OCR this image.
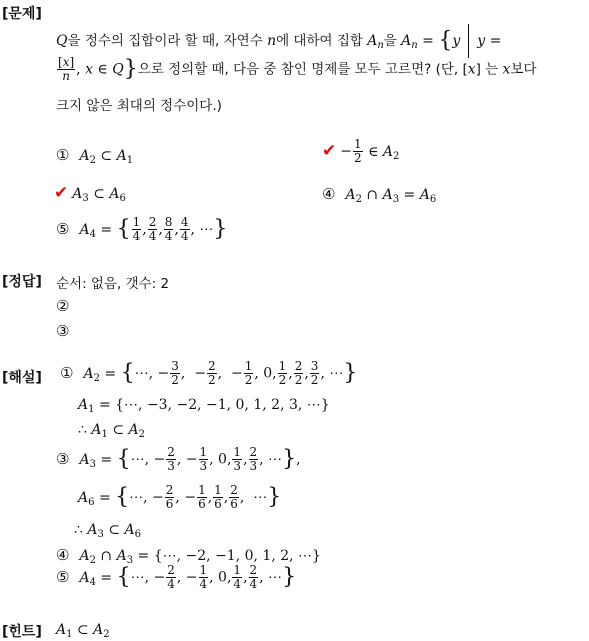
[문제]
Q을 정수의 집합이라 할 때, 자연수 n에 대하여 집합 $A_n$을 $A_n = \{y$ y =
$\frac{[x]}{n}$ , x ∈ Q}으로 정의할 때, 다음 중 참인 명제를 모두 고르면? (단, [x] 는 x보다
크지 않은 최대의 정수이다.)
① $A_2$ ⊂ $A_1$	✔ − $\frac{1}{2}$ ∈ $A_2$
✔ $A_3$ ⊂ $A_6$	④ $A_2$ ∩ $A_3 = A_6$
⑤ $A_4$ = { $\frac{1}{4}$ , $\frac{2}{4}$ , $\frac{8}{4}$ , $\frac{4}{4}$ , ⋯}
[정답] 순서: 없음, 갯수: 2
②
③
[해설] ① $A_2$ = {⋯, − $\frac{3}{2}$ ,  − $\frac{2}{2}$ ,  − $\frac{1}{2}$ , 0, $\frac{1}{2}$ , $\frac{2}{2}$ , $\frac{3}{2}$ , ⋯}
$A_1$ = {⋯, −3, −2, −1, 0, 1, 2, 3, ⋯}
∴ $A_1$ ⊂ $A_2$
③ $A_3$ = {⋯, − $\frac{2}{3}$ , − $\frac{1}{3}$ , 0, $\frac{1}{3}$ , $\frac{2}{3}$ , ⋯},
$A_6$ = {⋯, − $\frac{2}{6}$ , − $\frac{1}{6}$ , $\frac{1}{6}$ , $\frac{2}{6}$ ,  ⋯}
∴ $A_3$ ⊂ $A_6$
④ $A_2$ ∩ $A_3$ = {⋯, −2, −1, 0, 1, 2, ⋯}
⑤ $A_4$ = {⋯, − $\frac{2}{4}$ , − $\frac{1}{4}$ , 0, $\frac{1}{4}$ , $\frac{2}{4}$ , ⋯}
[힌트] $A_1$ ⊂ $A_2$
